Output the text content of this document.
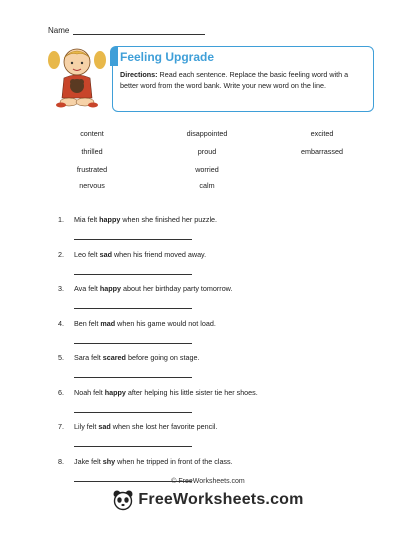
Name
Feeling Upgrade
Directions: Read each sentence. Replace the basic feeling word with a better word from the word bank. Write your new word on the line.
content	disappointed	excited
thrilled	proud	embarrassed
frustrated	worried
nervous	calm
1. Mia felt happy when she finished her puzzle.
2. Leo felt sad when his friend moved away.
3. Ava felt happy about her birthday party tomorrow.
4. Ben felt mad when his game would not load.
5. Sara felt scared before going on stage.
6. Noah felt happy after helping his little sister tie her shoes.
7. Lily felt sad when she lost her favorite pencil.
8. Jake felt shy when he tripped in front of the class.
© FreeWorksheets.com
FreeWorksheets.com
